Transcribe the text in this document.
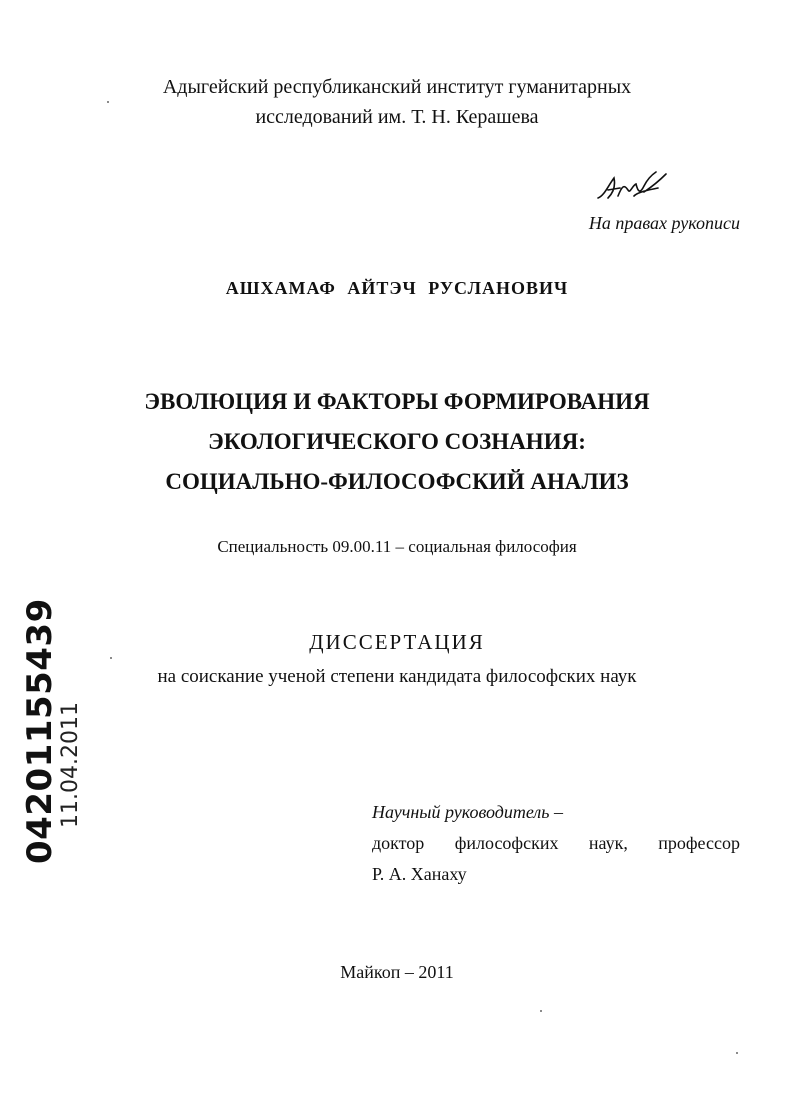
Адыгейский республиканский институт гуманитарных
исследований им. Т. Н. Керашева
На правах рукописи
АШХАМАФ АЙТЭЧ РУСЛАНОВИЧ
ЭВОЛЮЦИЯ И ФАКТОРЫ ФОРМИРОВАНИЯ
ЭКОЛОГИЧЕСКОГО СОЗНАНИЯ:
СОЦИАЛЬНО-ФИЛОСОФСКИЙ АНАЛИЗ
Специальность 09.00.11 – социальная философия
ДИССЕРТАЦИЯ
на соискание ученой степени кандидата философских наук
Научный руководитель –
доктор философских наук, профессор
Р. А. Ханаху
Майкоп – 2011
04201155439
11.04.2011
